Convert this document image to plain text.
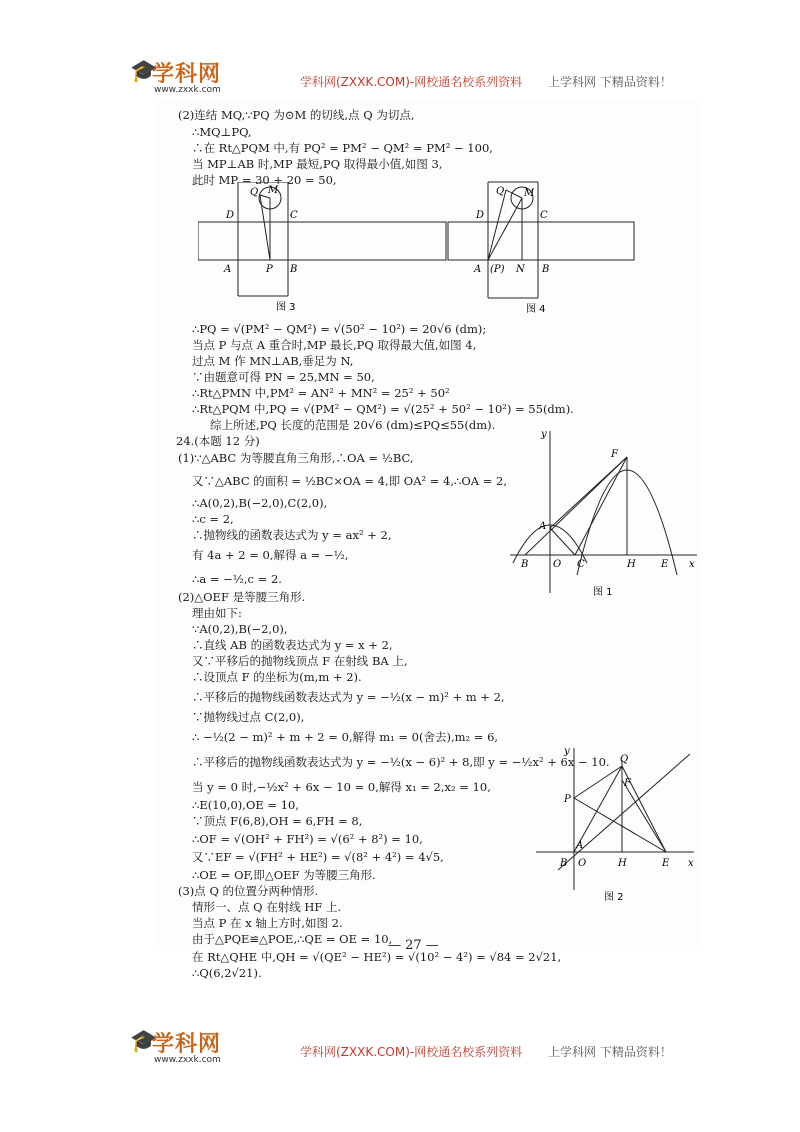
🎓
学科网
www.zxxk.com
学科网(ZXXK.COM)-网校通名校系列资料 上学科网 下精品资料！
(2)连结 MQ,∵PQ 为⊙M 的切线,点 Q 为切点,
∴MQ⊥PQ,
∴在 Rt△PQM 中,有 PQ² = PM² − QM² = PM² − 100,
当 MP⊥AB 时,MP 最短,PQ 取得最小值,如图 3,
此时 MP = 30 + 20 = 50,
∴PQ = √(PM² − QM²) = √(50² − 10²) = 20√6 (dm);
当点 P 与点 A 重合时,MP 最长,PQ 取得最大值,如图 4,
过点 M 作 MN⊥AB,垂足为 N,
∵由题意可得 PN = 25,MN = 50,
∴Rt△PMN 中,PM² = AN² + MN² = 25² + 50²
∴Rt△PQM 中,PQ = √(PM² − QM²) = √(25² + 50² − 10²) = 55(dm).
综上所述,PQ 长度的范围是 20√6 (dm)≤PQ≤55(dm).
24.(本题 12 分)
(1)∵△ABC 为等腰直角三角形,∴OA = ½BC,
又∵△ABC 的面积 = ½BC×OA = 4,即 OA² = 4,∴OA = 2,
∴A(0,2),B(−2,0),C(2,0),
∴c = 2,
∴抛物线的函数表达式为 y = ax² + 2,
有 4a + 2 = 0,解得 a = −½,
∴a = −½,c = 2.
(2)△OEF 是等腰三角形.
理由如下:
∵A(0,2),B(−2,0),
∴直线 AB 的函数表达式为 y = x + 2,
又∵平移后的抛物线顶点 F 在射线 BA 上,
∴设顶点 F 的坐标为(m,m + 2).
∴平移后的抛物线函数表达式为 y = −½(x − m)² + m + 2,
∵抛物线过点 C(2,0),
∴ −½(2 − m)² + m + 2 = 0,解得 m₁ = 0(舍去),m₂ = 6,
∴平移后的抛物线函数表达式为 y = −½(x − 6)² + 8,即 y = −½x² + 6x − 10.
当 y = 0 时,−½x² + 6x − 10 = 0,解得 x₁ = 2,x₂ = 10,
∴E(10,0),OE = 10,
∵顶点 F(6,8),OH = 6,FH = 8,
∴OF = √(OH² + FH²) = √(6² + 8²) = 10,
又∵EF = √(FH² + HE²) = √(8² + 4²) = 4√5,
∴OE = OF,即△OEF 为等腰三角形.
(3)点 Q 的位置分两种情形.
情形一、点 Q 在射线 HF 上.
当点 P 在 x 轴上方时,如图 2.
由于△PQE≌△POE,∴QE = OE = 10,
在 Rt△QHE 中,QH = √(QE² − HE²) = √(10² − 4²) = √84 = 2√21,
∴Q(6,2√21).
M
Q
D	C
A	P B
图 3
Q M
D	C
A (P) N B
图 4
y
x
F
A
B O C	H	E
图 1
y
x
Q
F
P
A
B O	H	E
图 2
— 27 —
🎓
学科网
www.zxxk.com
学科网(ZXXK.COM)-网校通名校系列资料 上学科网 下精品资料！
